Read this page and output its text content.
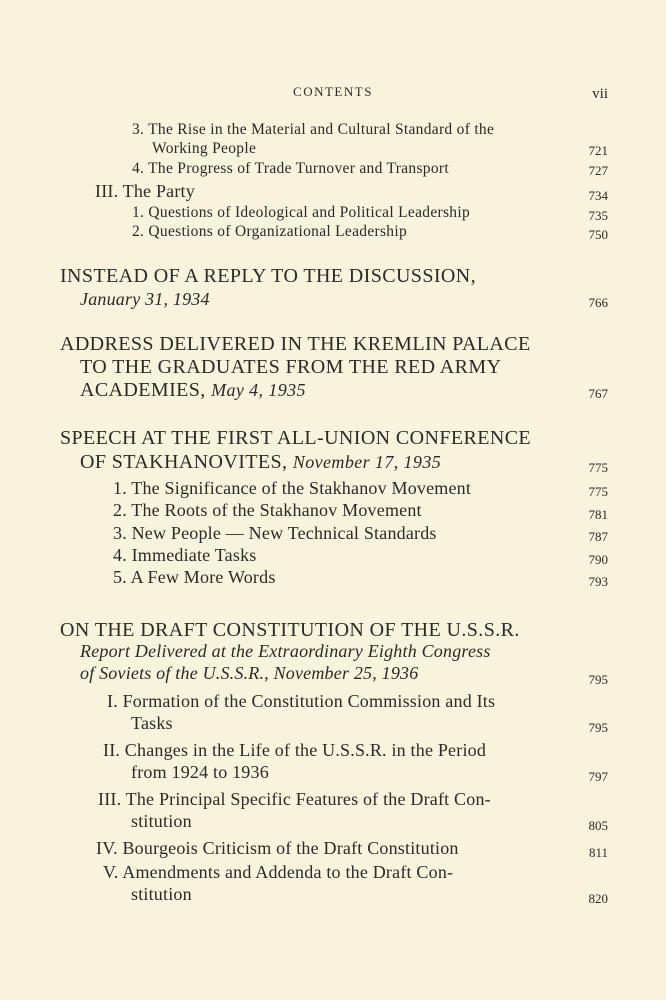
CONTENTS	vii
3. The Rise in the Material and Cultural Standard of the
Working People	721
4. The Progress of Trade Turnover and Transport	727
III. The Party	734
1. Questions of Ideological and Political Leadership	735
2. Questions of Organizational Leadership	750
INSTEAD OF A REPLY TO THE DISCUSSION,
January 31, 1934	766
ADDRESS DELIVERED IN THE KREMLIN PALACE
TO THE GRADUATES FROM THE RED ARMY
ACADEMIES, May 4, 1935	767
SPEECH AT THE FIRST ALL-UNION CONFERENCE
OF STAKHANOVITES, November 17, 1935	775
1. The Significance of the Stakhanov Movement	775
2. The Roots of the Stakhanov Movement	781
3. New People — New Technical Standards	787
4. Immediate Tasks	790
5. A Few More Words	793
ON THE DRAFT CONSTITUTION OF THE U.S.S.R.
Report Delivered at the Extraordinary Eighth Congress
of Soviets of the U.S.S.R., November 25, 1936	795
I. Formation of the Constitution Commission and Its
Tasks	795
II. Changes in the Life of the U.S.S.R. in the Period
from 1924 to 1936	797
III. The Principal Specific Features of the Draft Con-
stitution	805
IV. Bourgeois Criticism of the Draft Constitution	811
V. Amendments and Addenda to the Draft Con-
stitution	820
